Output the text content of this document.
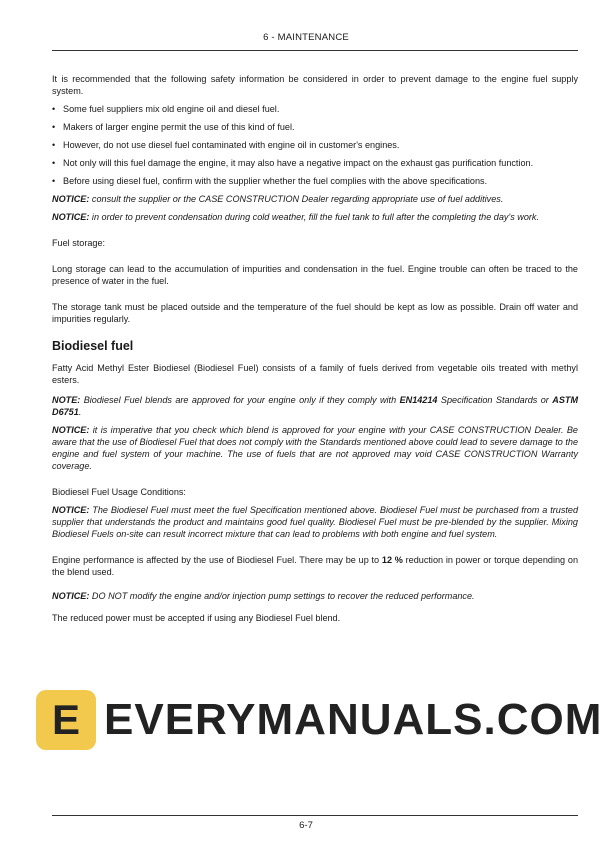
6 - MAINTENANCE
It is recommended that the following safety information be considered in order to prevent damage to the engine fuel supply system.
• Some fuel suppliers mix old engine oil and diesel fuel.
• Makers of larger engine permit the use of this kind of fuel.
• However, do not use diesel fuel contaminated with engine oil in customer's engines.
• Not only will this fuel damage the engine, it may also have a negative impact on the exhaust gas purification function.
• Before using diesel fuel, confirm with the supplier whether the fuel complies with the above specifications.
NOTICE: consult the supplier or the CASE CONSTRUCTION Dealer regarding appropriate use of fuel additives.
NOTICE: in order to prevent condensation during cold weather, fill the fuel tank to full after the completing the day's work.
Fuel storage:
Long storage can lead to the accumulation of impurities and condensation in the fuel. Engine trouble can often be traced to the presence of water in the fuel.
The storage tank must be placed outside and the temperature of the fuel should be kept as low as possible. Drain off water and impurities regularly.
Biodiesel fuel
Fatty Acid Methyl Ester Biodiesel (Biodiesel Fuel) consists of a family of fuels derived from vegetable oils treated with methyl esters.
NOTE: Biodiesel Fuel blends are approved for your engine only if they comply with EN14214 Specification Standards or ASTM D6751.
NOTICE: it is imperative that you check which blend is approved for your engine with your CASE CONSTRUCTION Dealer. Be aware that the use of Biodiesel Fuel that does not comply with the Standards mentioned above could lead to severe damage to the engine and fuel system of your machine. The use of fuels that are not approved may void CASE CONSTRUCTION Warranty coverage.
Biodiesel Fuel Usage Conditions:
NOTICE: The Biodiesel Fuel must meet the fuel Specification mentioned above. Biodiesel Fuel must be purchased from a trusted supplier that understands the product and maintains good fuel quality. Biodiesel Fuel must be pre-blended by the supplier. Mixing Biodiesel Fuels on-site can result incorrect mixture that can lead to problems with both engine and fuel system.
Engine performance is affected by the use of Biodiesel Fuel. There may be up to 12 % reduction in power or torque depending on the blend used.
NOTICE: DO NOT modify the engine and/or injection pump settings to recover the reduced performance.
The reduced power must be accepted if using any Biodiesel Fuel blend.
E EVERYMANUALS.COM
6-7
